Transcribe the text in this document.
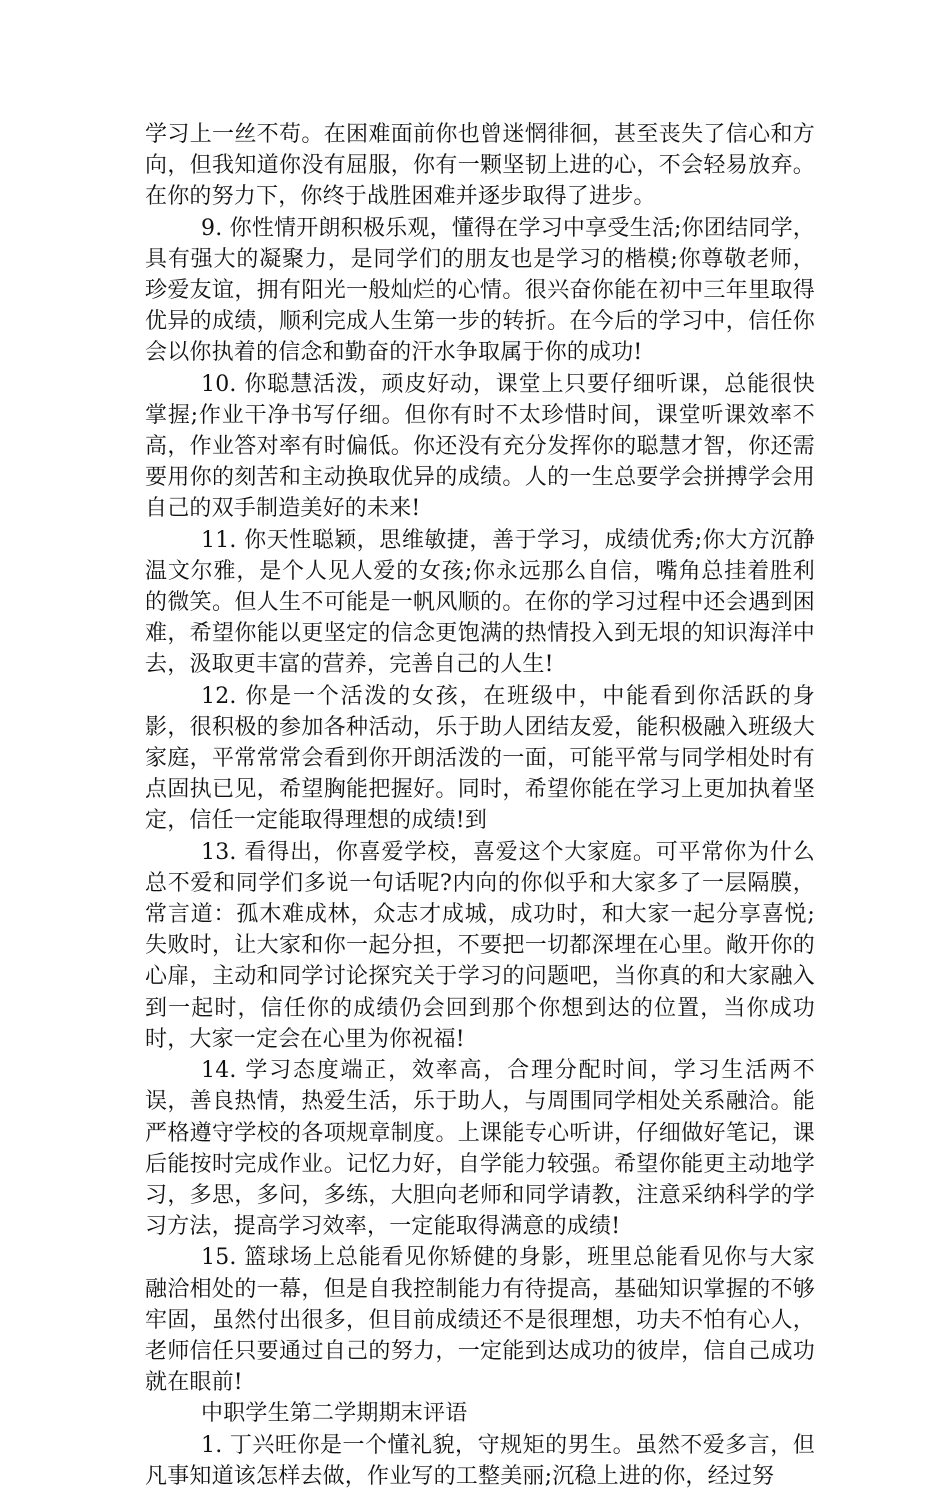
学习上一丝不苟。在困难面前你也曾迷惘徘徊，甚至丧失了信心和方向，但我知道你没有屈服，你有一颗坚韧上进的心，不会轻易放弃。在你的努力下，你终于战胜困难并逐步取得了进步。

9. 你性情开朗积极乐观，懂得在学习中享受生活;你团结同学，具有强大的凝聚力，是同学们的朋友也是学习的楷模;你尊敬老师，珍爱友谊，拥有阳光一般灿烂的心情。很兴奋你能在初中三年里取得优异的成绩，顺利完成人生第一步的转折。在今后的学习中，信任你会以你执着的信念和勤奋的汗水争取属于你的成功!

10. 你聪慧活泼，顽皮好动，课堂上只要仔细听课，总能很快掌握;作业干净书写仔细。但你有时不太珍惜时间，课堂听课效率不高，作业答对率有时偏低。你还没有充分发挥你的聪慧才智，你还需要用你的刻苦和主动换取优异的成绩。人的一生总要学会拼搏学会用自己的双手制造美好的未来!

11. 你天性聪颖，思维敏捷，善于学习，成绩优秀;你大方沉静温文尔雅，是个人见人爱的女孩;你永远那么自信，嘴角总挂着胜利的微笑。但人生不可能是一帆风顺的。在你的学习过程中还会遇到困难，希望你能以更坚定的信念更饱满的热情投入到无垠的知识海洋中去，汲取更丰富的营养，完善自己的人生!

12. 你是一个活泼的女孩，在班级中，中能看到你活跃的身影，很积极的参加各种活动，乐于助人团结友爱，能积极融入班级大家庭，平常常常会看到你开朗活泼的一面，可能平常与同学相处时有点固执已见，希望胸能把握好。同时，希望你能在学习上更加执着坚定，信任一定能取得理想的成绩!到

13. 看得出，你喜爱学校，喜爱这个大家庭。可平常你为什么总不爱和同学们多说一句话呢?内向的你似乎和大家多了一层隔膜，常言道：孤木难成林，众志才成城，成功时，和大家一起分享喜悦;失败时，让大家和你一起分担，不要把一切都深埋在心里。敞开你的心扉，主动和同学讨论探究关于学习的问题吧，当你真的和大家融入到一起时，信任你的成绩仍会回到那个你想到达的位置，当你成功时，大家一定会在心里为你祝福!

14. 学习态度端正，效率高，合理分配时间，学习生活两不误，善良热情，热爱生活，乐于助人，与周围同学相处关系融洽。能严格遵守学校的各项规章制度。上课能专心听讲，仔细做好笔记，课后能按时完成作业。记忆力好，自学能力较强。希望你能更主动地学习，多思，多问，多练，大胆向老师和同学请教，注意采纳科学的学习方法，提高学习效率，一定能取得满意的成绩!

15. 篮球场上总能看见你矫健的身影，班里总能看见你与大家融洽相处的一幕，但是自我控制能力有待提高，基础知识掌握的不够牢固，虽然付出很多，但目前成绩还不是很理想，功夫不怕有心人，老师信任只要通过自己的努力，一定能到达成功的彼岸，信自己成功就在眼前!

中职学生第二学期期末评语

1. 丁兴旺你是一个懂礼貌，守规矩的男生。虽然不爱多言，但凡事知道该怎样去做，作业写的工整美丽;沉稳上进的你，经过努
